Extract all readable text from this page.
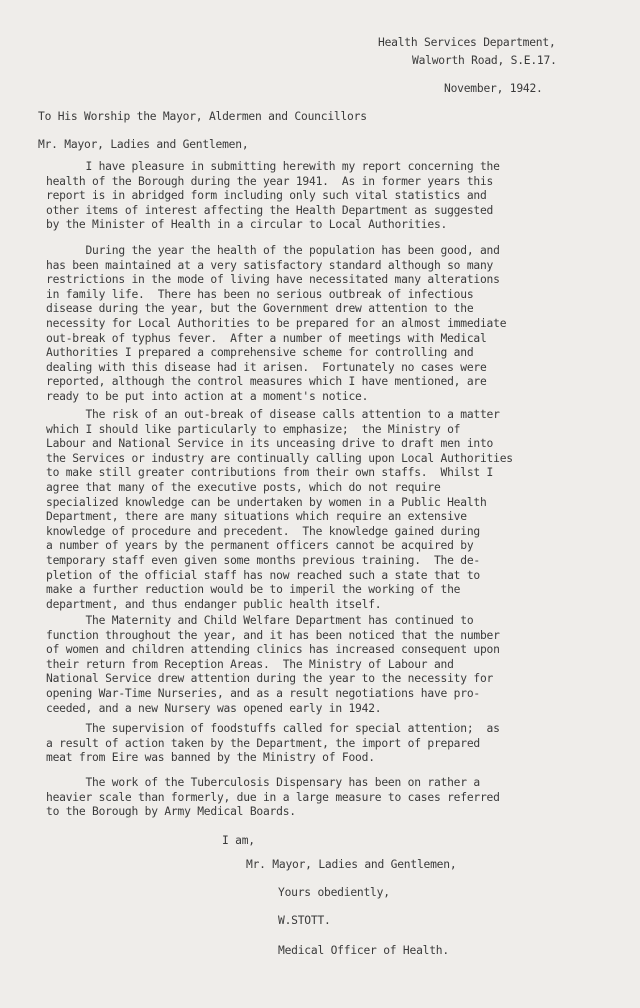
Health Services Department,
Walworth Road, S.E.17.
November, 1942.
To His Worship the Mayor, Aldermen and Councillors
Mr. Mayor, Ladies and Gentlemen,
I have pleasure in submitting herewith my report concerning the
health of the Borough during the year 1941.  As in former years this
report is in abridged form including only such vital statistics and
other items of interest affecting the Health Department as suggested
by the Minister of Health in a circular to Local Authorities.
During the year the health of the population has been good, and
has been maintained at a very satisfactory standard although so many
restrictions in the mode of living have necessitated many alterations
in family life.  There has been no serious outbreak of infectious
disease during the year, but the Government drew attention to the
necessity for Local Authorities to be prepared for an almost immediate
out-break of typhus fever.  After a number of meetings with Medical
Authorities I prepared a comprehensive scheme for controlling and
dealing with this disease had it arisen.  Fortunately no cases were
reported, although the control measures which I have mentioned, are
ready to be put into action at a moment's notice.
The risk of an out-break of disease calls attention to a matter
which I should like particularly to emphasize;  the Ministry of
Labour and National Service in its unceasing drive to draft men into
the Services or industry are continually calling upon Local Authorities
to make still greater contributions from their own staffs.  Whilst I
agree that many of the executive posts, which do not require
specialized knowledge can be undertaken by women in a Public Health
Department, there are many situations which require an extensive
knowledge of procedure and precedent.  The knowledge gained during
a number of years by the permanent officers cannot be acquired by
temporary staff even given some months previous training.  The de-
pletion of the official staff has now reached such a state that to
make a further reduction would be to imperil the working of the
department, and thus endanger public health itself.
The Maternity and Child Welfare Department has continued to
function throughout the year, and it has been noticed that the number
of women and children attending clinics has increased consequent upon
their return from Reception Areas.  The Ministry of Labour and
National Service drew attention during the year to the necessity for
opening War-Time Nurseries, and as a result negotiations have pro-
ceeded, and a new Nursery was opened early in 1942.
The supervision of foodstuffs called for special attention;  as
a result of action taken by the Department, the import of prepared
meat from Eire was banned by the Ministry of Food.
The work of the Tuberculosis Dispensary has been on rather a
heavier scale than formerly, due in a large measure to cases referred
to the Borough by Army Medical Boards.
I am,
Mr. Mayor, Ladies and Gentlemen,
Yours obediently,
W.STOTT.
Medical Officer of Health.
